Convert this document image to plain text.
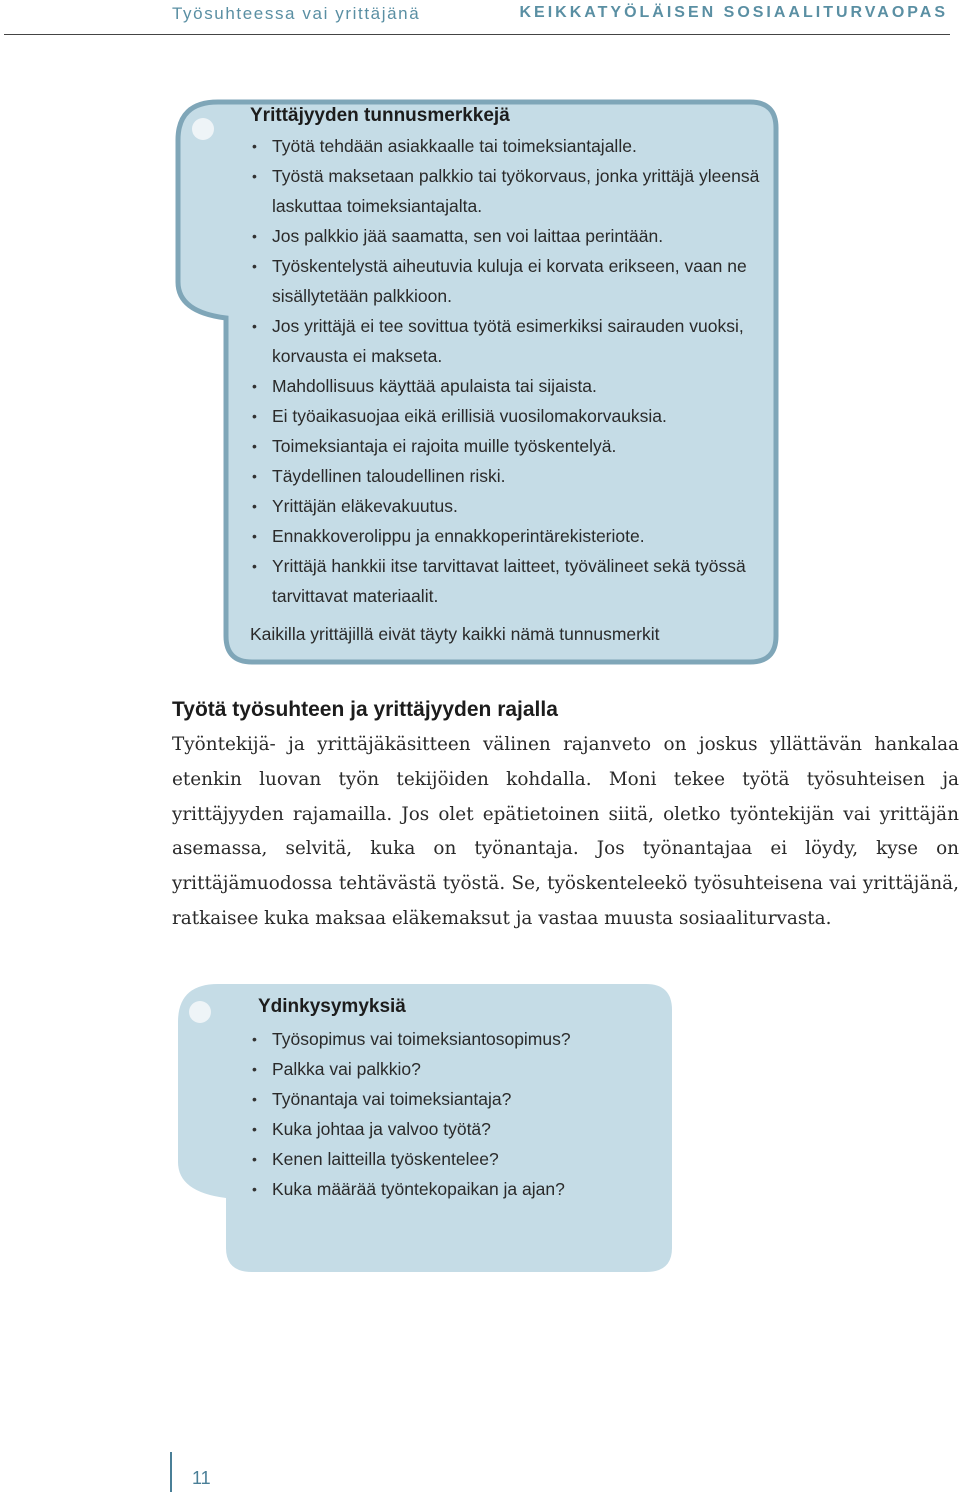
Työsuhteessa vai yrittäjänä	KEIKKATYÖLÄISEN SOSIAALITURVAOPAS
Yrittäjyyden tunnusmerkkejä
• Työtä tehdään asiakkaalle tai toimeksiantajalle.
• Työstä maksetaan palkkio tai työkorvaus, jonka yrittäjä yleensä laskuttaa toimeksiantajalta.
• Jos palkkio jää saamatta, sen voi laittaa perintään.
• Työskentelystä aiheutuvia kuluja ei korvata erikseen, vaan ne sisällytetään palkkioon.
• Jos yrittäjä ei tee sovittua työtä esimerkiksi sairauden vuoksi, korvausta ei makseta.
• Mahdollisuus käyttää apulaista tai sijaista.
• Ei työaikasuojaa eikä erillisiä vuosilomakorvauksia.
• Toimeksiantaja ei rajoita muille työskentelyä.
• Täydellinen taloudellinen riski.
• Yrittäjän eläkevakuutus.
• Ennakkoverolippu ja ennakkoperintärekisteriote.
• Yrittäjä hankkii itse tarvittavat laitteet, työvälineet sekä työssä tarvittavat materiaalit.
Kaikilla yrittäjillä eivät täyty kaikki nämä tunnusmerkit
Työtä työsuhteen ja yrittäjyyden rajalla

Työntekijä- ja yrittäjäkäsitteen välinen rajanveto on joskus yllättävän hankalaa etenkin luovan työn tekijöiden kohdalla. Moni tekee työtä työsuhteisen ja yrittäjyyden rajamailla. Jos olet epätietoinen siitä, oletko työntekijän vai yrittäjän asemassa, selvitä, kuka on työnantaja. Jos työnantajaa ei löydy, kyse on yrittäjämuodossa tehtävästä työstä. Se, työskenteleekö työsuhteisena vai yrittäjänä, ratkaisee kuka maksaa eläkemaksut ja vastaa muusta sosiaaliturvasta.

Ydinkysymyksiä
• Työsopimus vai toimeksiantosopimus?
• Palkka vai palkkio?
• Työnantaja vai toimeksiantaja?
• Kuka johtaa ja valvoo työtä?
• Kenen laitteilla työskentelee?
• Kuka määrää työntekopaikan ja ajan?
11
